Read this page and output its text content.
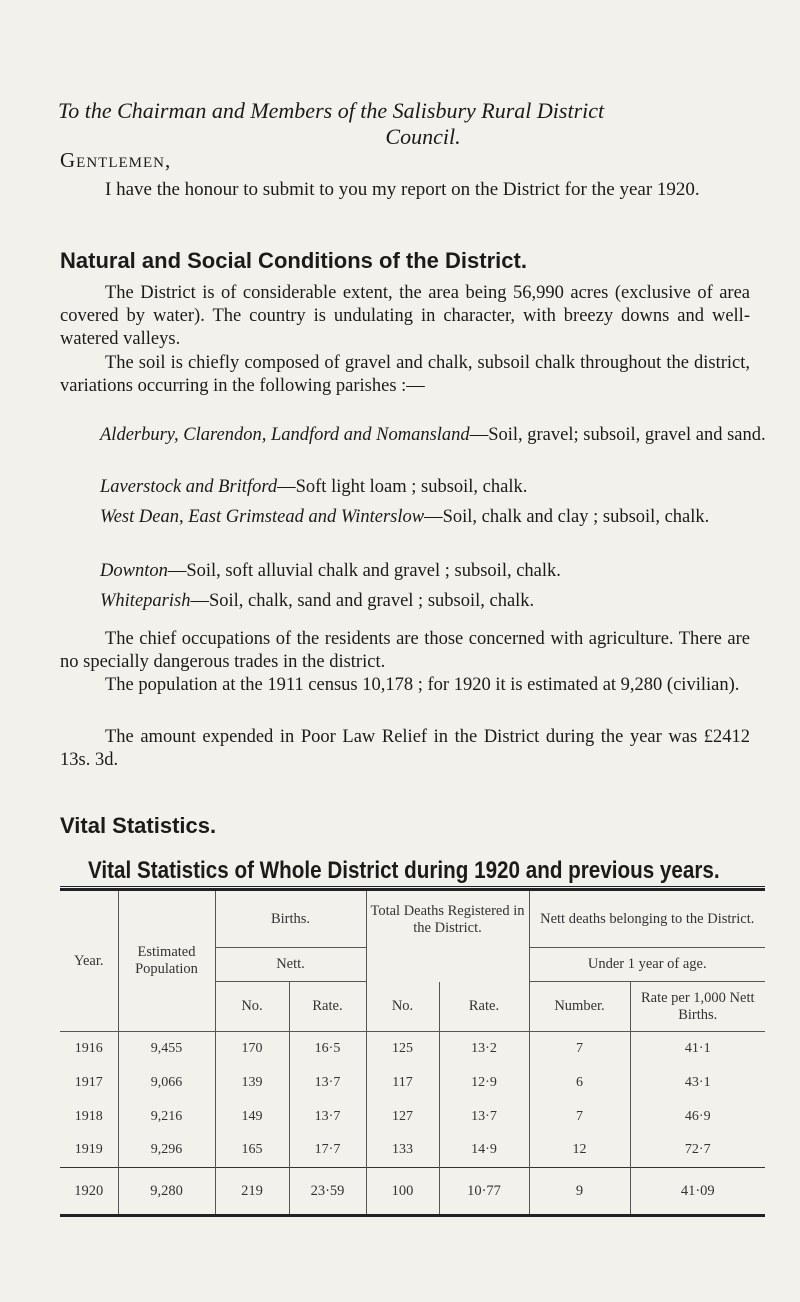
To the Chairman and Members of the Salisbury Rural District
Council.
Gentlemen,

I have the honour to submit to you my report on the District for the year 1920.

Natural and Social Conditions of the District.

The District is of considerable extent, the area being 56,990 acres (exclusive of area covered by water). The country is undulating in character, with breezy downs and well-watered valleys.

The soil is chiefly composed of gravel and chalk, subsoil chalk throughout the district, variations occurring in the following parishes :—

Alderbury, Clarendon, Landford and Nomansland—Soil, gravel; subsoil, gravel and sand.

Laverstock and Britford—Soft light loam ; subsoil, chalk.

West Dean, East Grimstead and Winterslow—Soil, chalk and clay ; subsoil, chalk.

Downton—Soil, soft alluvial chalk and gravel ; subsoil, chalk.

Whiteparish—Soil, chalk, sand and gravel ; subsoil, chalk.

The chief occupations of the residents are those concerned with agriculture. There are no specially dangerous trades in the district.

The population at the 1911 census 10,178 ; for 1920 it is estimated at 9,280 (civilian).

The amount expended in Poor Law Relief in the District during the year was £2412 13s. 3d.

Vital Statistics.
Vital Statistics of Whole District during 1920 and previous years.
Year.	Estimated Population	Births.		Total Deaths Registered in the District.		Nett deaths belonging to the District.	
		Nett.				Under 1 year of age.	
		No.	Rate.	No.	Rate.	Number.	Rate per 1,000 Nett Births.
1916	9,455	170	16·5	125	13·2	7	41·1
1917	9,066	139	13·7	117	12·9	6	43·1
1918	9,216	149	13·7	127	13·7	7	46·9
1919	9,296	165	17·7	133	14·9	12	72·7
1920	9,280	219	23·59	100	10·77	9	41·09
